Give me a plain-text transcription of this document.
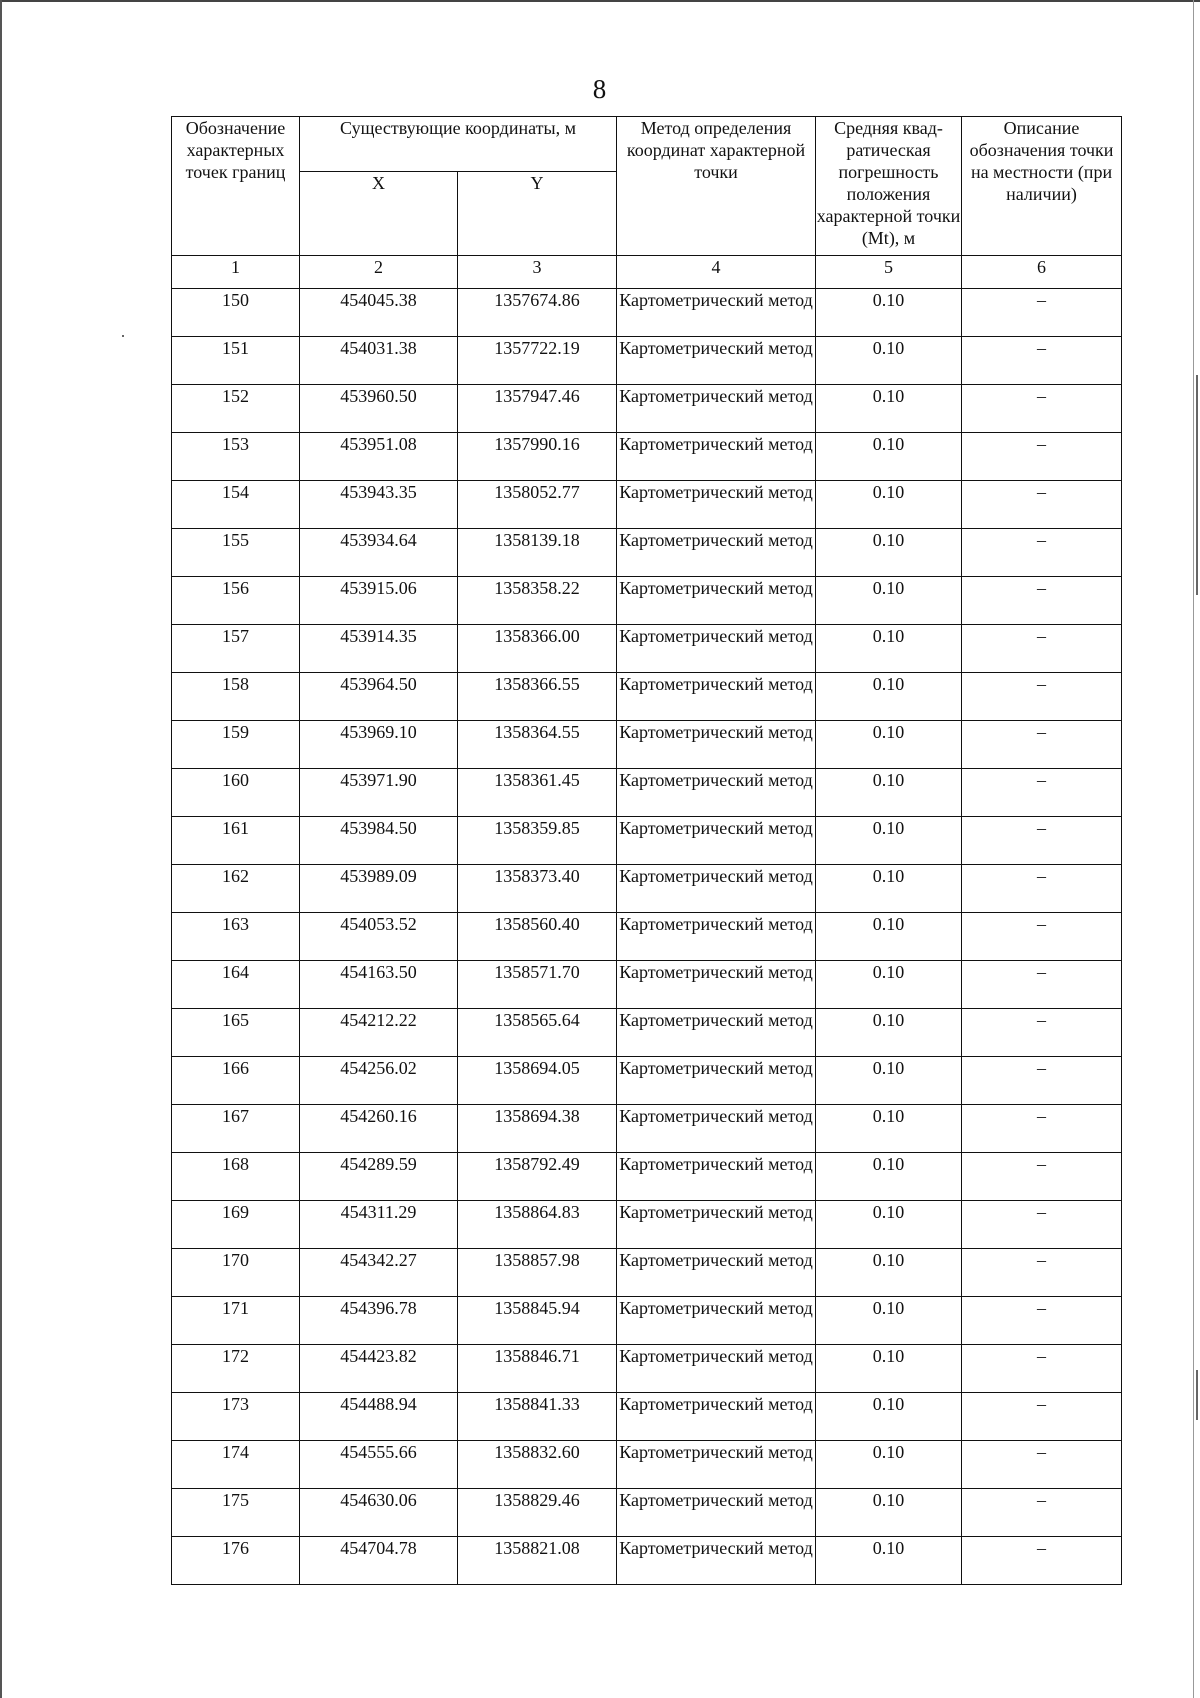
8
Обозначение характерных точек границ	Существующие координаты, м		Метод определения координат характерной точки	Средняя квад-ратическая погрешность положения характерной точки (Mt), м	Описание обозначения точки на местности (при наличии)
	X	Y			
1	2	3	4	5	6
150	454045.38	1357674.86	Картометрический метод	0.10	–
151	454031.38	1357722.19	Картометрический метод	0.10	–
152	453960.50	1357947.46	Картометрический метод	0.10	–
153	453951.08	1357990.16	Картометрический метод	0.10	–
154	453943.35	1358052.77	Картометрический метод	0.10	–
155	453934.64	1358139.18	Картометрический метод	0.10	–
156	453915.06	1358358.22	Картометрический метод	0.10	–
157	453914.35	1358366.00	Картометрический метод	0.10	–
158	453964.50	1358366.55	Картометрический метод	0.10	–
159	453969.10	1358364.55	Картометрический метод	0.10	–
160	453971.90	1358361.45	Картометрический метод	0.10	–
161	453984.50	1358359.85	Картометрический метод	0.10	–
162	453989.09	1358373.40	Картометрический метод	0.10	–
163	454053.52	1358560.40	Картометрический метод	0.10	–
164	454163.50	1358571.70	Картометрический метод	0.10	–
165	454212.22	1358565.64	Картометрический метод	0.10	–
166	454256.02	1358694.05	Картометрический метод	0.10	–
167	454260.16	1358694.38	Картометрический метод	0.10	–
168	454289.59	1358792.49	Картометрический метод	0.10	–
169	454311.29	1358864.83	Картометрический метод	0.10	–
170	454342.27	1358857.98	Картометрический метод	0.10	–
171	454396.78	1358845.94	Картометрический метод	0.10	–
172	454423.82	1358846.71	Картометрический метод	0.10	–
173	454488.94	1358841.33	Картометрический метод	0.10	–
174	454555.66	1358832.60	Картометрический метод	0.10	–
175	454630.06	1358829.46	Картометрический метод	0.10	–
176	454704.78	1358821.08	Картометрический метод	0.10	–
